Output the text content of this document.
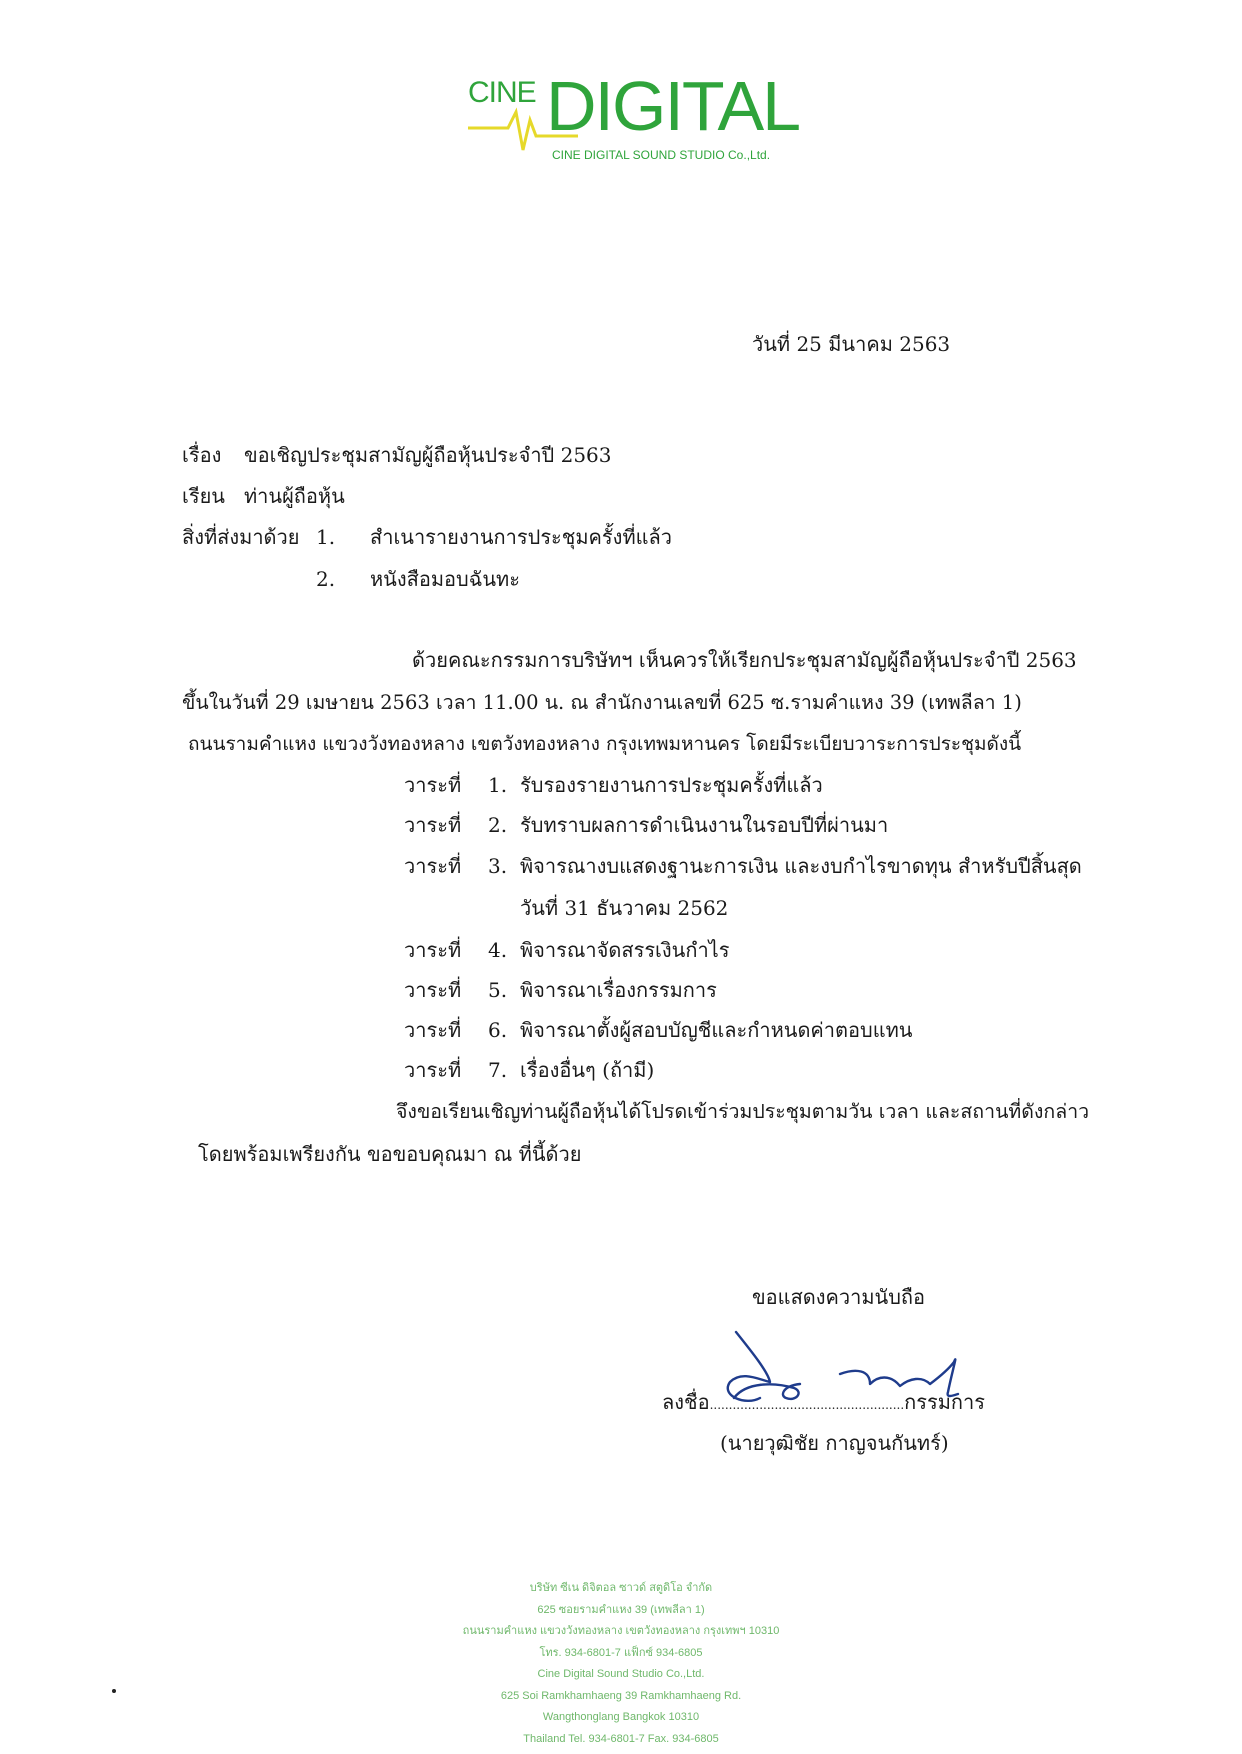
CINE DIGITAL
CINE DIGITAL SOUND STUDIO Co.,Ltd.
วันที่ 25 มีนาคม 2563
เรื่อง ขอเชิญประชุมสามัญผู้ถือหุ้นประจำปี 2563
เรียน ท่านผู้ถือหุ้น
สิ่งที่ส่งมาด้วย 1. สำเนารายงานการประชุมครั้งที่แล้ว
2. หนังสือมอบฉันทะ
ด้วยคณะกรรมการบริษัทฯ เห็นควรให้เรียกประชุมสามัญผู้ถือหุ้นประจำปี 2563
ขึ้นในวันที่ 29 เมษายน 2563 เวลา 11.00 น. ณ สำนักงานเลขที่ 625 ซ.รามคำแหง 39 (เทพลีลา 1)
ถนนรามคำแหง แขวงวังทองหลาง เขตวังทองหลาง กรุงเทพมหานคร โดยมีระเบียบวาระการประชุมดังนี้
วาระที่ 1. รับรองรายงานการประชุมครั้งที่แล้ว
วาระที่ 2. รับทราบผลการดำเนินงานในรอบปีที่ผ่านมา
วาระที่ 3. พิจารณางบแสดงฐานะการเงิน และงบกำไรขาดทุน สำหรับปีสิ้นสุด
วันที่ 31 ธันวาคม 2562
วาระที่ 4. พิจารณาจัดสรรเงินกำไร
วาระที่ 5. พิจารณาเรื่องกรรมการ
วาระที่ 6. พิจารณาตั้งผู้สอบบัญชีและกำหนดค่าตอบแทน
วาระที่ 7. เรื่องอื่นๆ (ถ้ามี)
จึงขอเรียนเชิญท่านผู้ถือหุ้นได้โปรดเข้าร่วมประชุมตามวัน เวลา และสถานที่ดังกล่าว
โดยพร้อมเพรียงกัน ขอขอบคุณมา ณ ที่นี้ด้วย
ขอแสดงความนับถือ
ลงชื่อ...................................................กรรมการ
(นายวุฒิชัย กาญจนกันทร์)
บริษัท ซีเน ดิจิตอล ซาวด์ สตูดิโอ จำกัด
625 ซอยรามคำแหง 39 (เทพลีลา 1)
ถนนรามคำแหง แขวงวังทองหลาง เขตวังทองหลาง กรุงเทพฯ 10310
โทร. 934-6801-7 แฟ็กซ์ 934-6805
Cine Digital Sound Studio Co.,Ltd.
625 Soi Ramkhamhaeng 39 Ramkhamhaeng Rd.
Wangthonglang Bangkok 10310
Thailand Tel. 934-6801-7 Fax. 934-6805
